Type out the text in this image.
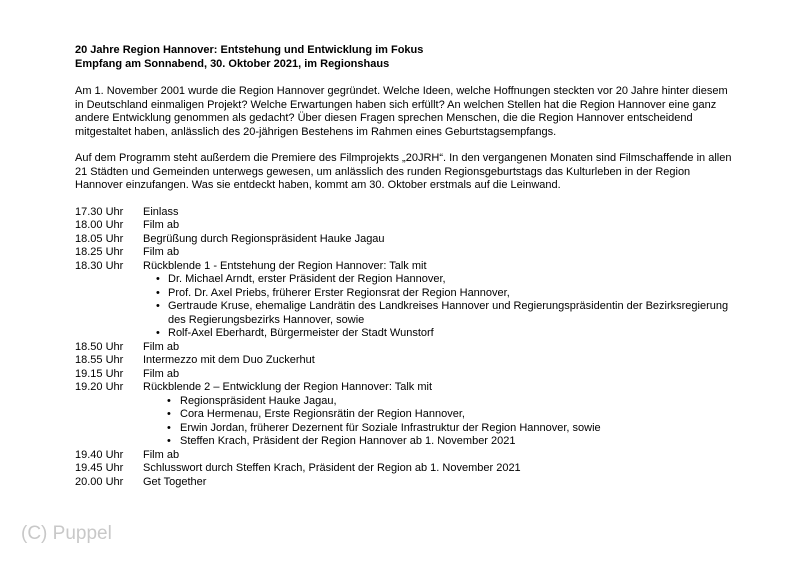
20 Jahre Region Hannover: Entstehung und Entwicklung im Fokus

Empfang am Sonnabend, 30. Oktober 2021, im Regionshaus

Am 1. November 2001 wurde die Region Hannover gegründet. Welche Ideen, welche Hoffnungen steckten vor 20 Jahre hinter diesem in Deutschland einmaligen Projekt? Welche Erwartungen haben sich erfüllt? An welchen Stellen hat die Region Hannover eine ganz andere Entwicklung genommen als gedacht? Über diesen Fragen sprechen Menschen, die die Region Hannover entscheidend mitgestaltet haben, anlässlich des 20-jährigen Bestehens im Rahmen eines Geburtstagsempfangs.

Auf dem Programm steht außerdem die Premiere des Filmprojekts „20JRH“. In den vergangenen Monaten sind Filmschaffende in allen 21 Städten und Gemeinden unterwegs gewesen, um anlässlich des runden Regionsgeburtstags das Kulturleben in der Region Hannover einzufangen. Was sie entdeckt haben, kommt am 30. Oktober erstmals auf die Leinwand.

17.30 Uhr	Einlass
18.00 Uhr	Film ab
18.05 Uhr	Begrüßung durch Regionspräsident Hauke Jagau
18.25 Uhr	Film ab
18.30 Uhr	Rückblende 1 - Entstehung der Region Hannover: Talk mit
• Dr. Michael Arndt, erster Präsident der Region Hannover,
• Prof. Dr. Axel Priebs, früherer Erster Regionsrat der Region Hannover,
• Gertraude Kruse, ehemalige Landrätin des Landkreises Hannover und Regierungspräsidentin der Bezirksregierung des Regierungsbezirks Hannover, sowie
• Rolf-Axel Eberhardt, Bürgermeister der Stadt Wunstorf
18.50 Uhr	Film ab
18.55 Uhr	Intermezzo mit dem Duo Zuckerhut
19.15 Uhr	Film ab
19.20 Uhr	Rückblende 2 – Entwicklung der Region Hannover: Talk mit
• Regionspräsident Hauke Jagau,
• Cora Hermenau, Erste Regionsrätin der Region Hannover,
• Erwin Jordan, früherer Dezernent für Soziale Infrastruktur der Region Hannover, sowie
• Steffen Krach, Präsident der Region Hannover ab 1. November 2021
19.40 Uhr	Film ab
19.45 Uhr	Schlusswort durch Steffen Krach, Präsident der Region ab 1. November 2021
20.00 Uhr	Get Together
(C) Puppel
